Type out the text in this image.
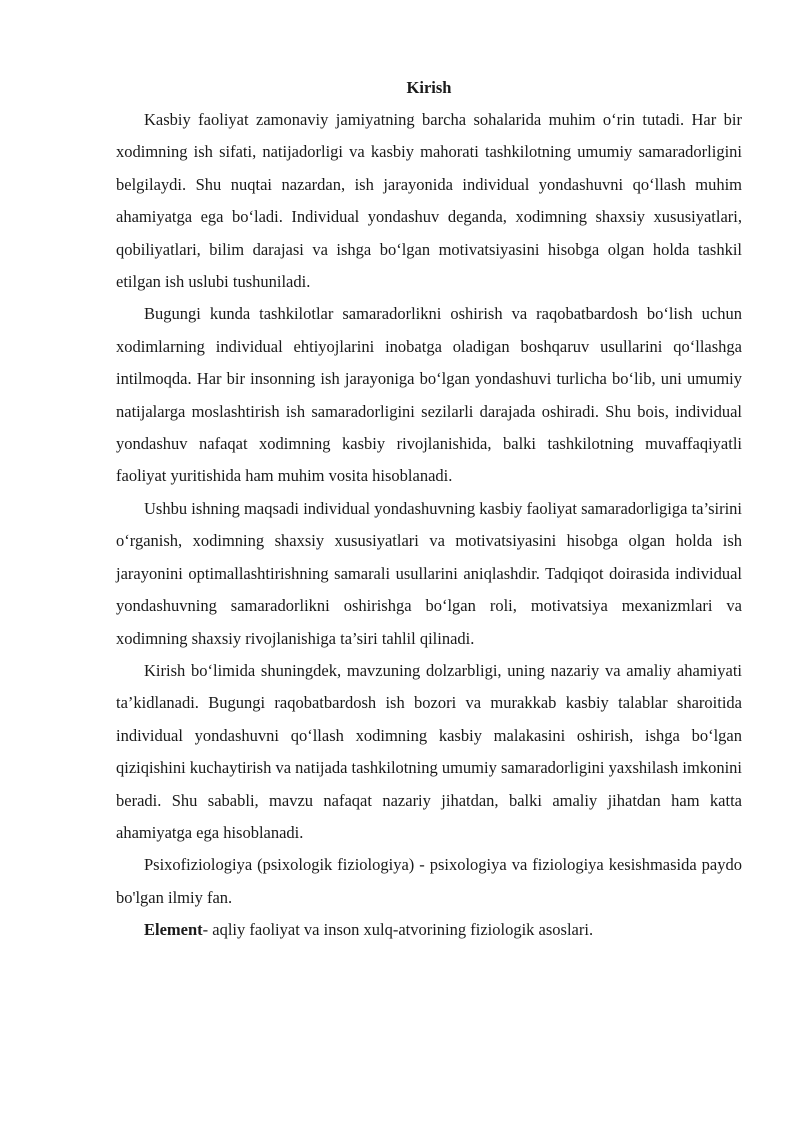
Kirish

Kasbiy faoliyat zamonaviy jamiyatning barcha sohalarida muhim o‘rin tutadi. Har bir xodimning ish sifati, natijadorligi va kasbiy mahorati tashkilotning umumiy samaradorligini belgilaydi. Shu nuqtai nazardan, ish jarayonida individual yondashuvni qo‘llash muhim ahamiyatga ega bo‘ladi. Individual yondashuv deganda, xodimning shaxsiy xususiyatlari, qobiliyatlari, bilim darajasi va ishga bo‘lgan motivatsiyasini hisobga olgan holda tashkil etilgan ish uslubi tushuniladi.

Bugungi kunda tashkilotlar samaradorlikni oshirish va raqobatbardosh bo‘lish uchun xodimlarning individual ehtiyojlarini inobatga oladigan boshqaruv usullarini qo‘llashga intilmoqda. Har bir insonning ish jarayoniga bo‘lgan yondashuvi turlicha bo‘lib, uni umumiy natijalarga moslashtirish ish samaradorligini sezilarli darajada oshiradi. Shu bois, individual yondashuv nafaqat xodimning kasbiy rivojlanishida, balki tashkilotning muvaffaqiyatli faoliyat yuritishida ham muhim vosita hisoblanadi.

Ushbu ishning maqsadi individual yondashuvning kasbiy faoliyat samaradorligiga ta’sirini o‘rganish, xodimning shaxsiy xususiyatlari va motivatsiyasini hisobga olgan holda ish jarayonini optimallashtirishning samarali usullarini aniqlashdir. Tadqiqot doirasida individual yondashuvning samaradorlikni oshirishga bo‘lgan roli, motivatsiya mexanizmlari va xodimning shaxsiy rivojlanishiga ta’siri tahlil qilinadi.

Kirish bo‘limida shuningdek, mavzuning dolzarbligi, uning nazariy va amaliy ahamiyati ta’kidlanadi. Bugungi raqobatbardosh ish bozori va murakkab kasbiy talablar sharoitida individual yondashuvni qo‘llash xodimning kasbiy malakasini oshirish, ishga bo‘lgan qiziqishini kuchaytirish va natijada tashkilotning umumiy samaradorligini yaxshilash imkonini beradi. Shu sababli, mavzu nafaqat nazariy jihatdan, balki amaliy jihatdan ham katta ahamiyatga ega hisoblanadi.

Psixofiziologiya (psixologik fiziologiya) - psixologiya va fiziologiya kesishmasida paydo bo'lgan ilmiy fan.

Element- aqliy faoliyat va inson xulq-atvorining fiziologik asoslari.
